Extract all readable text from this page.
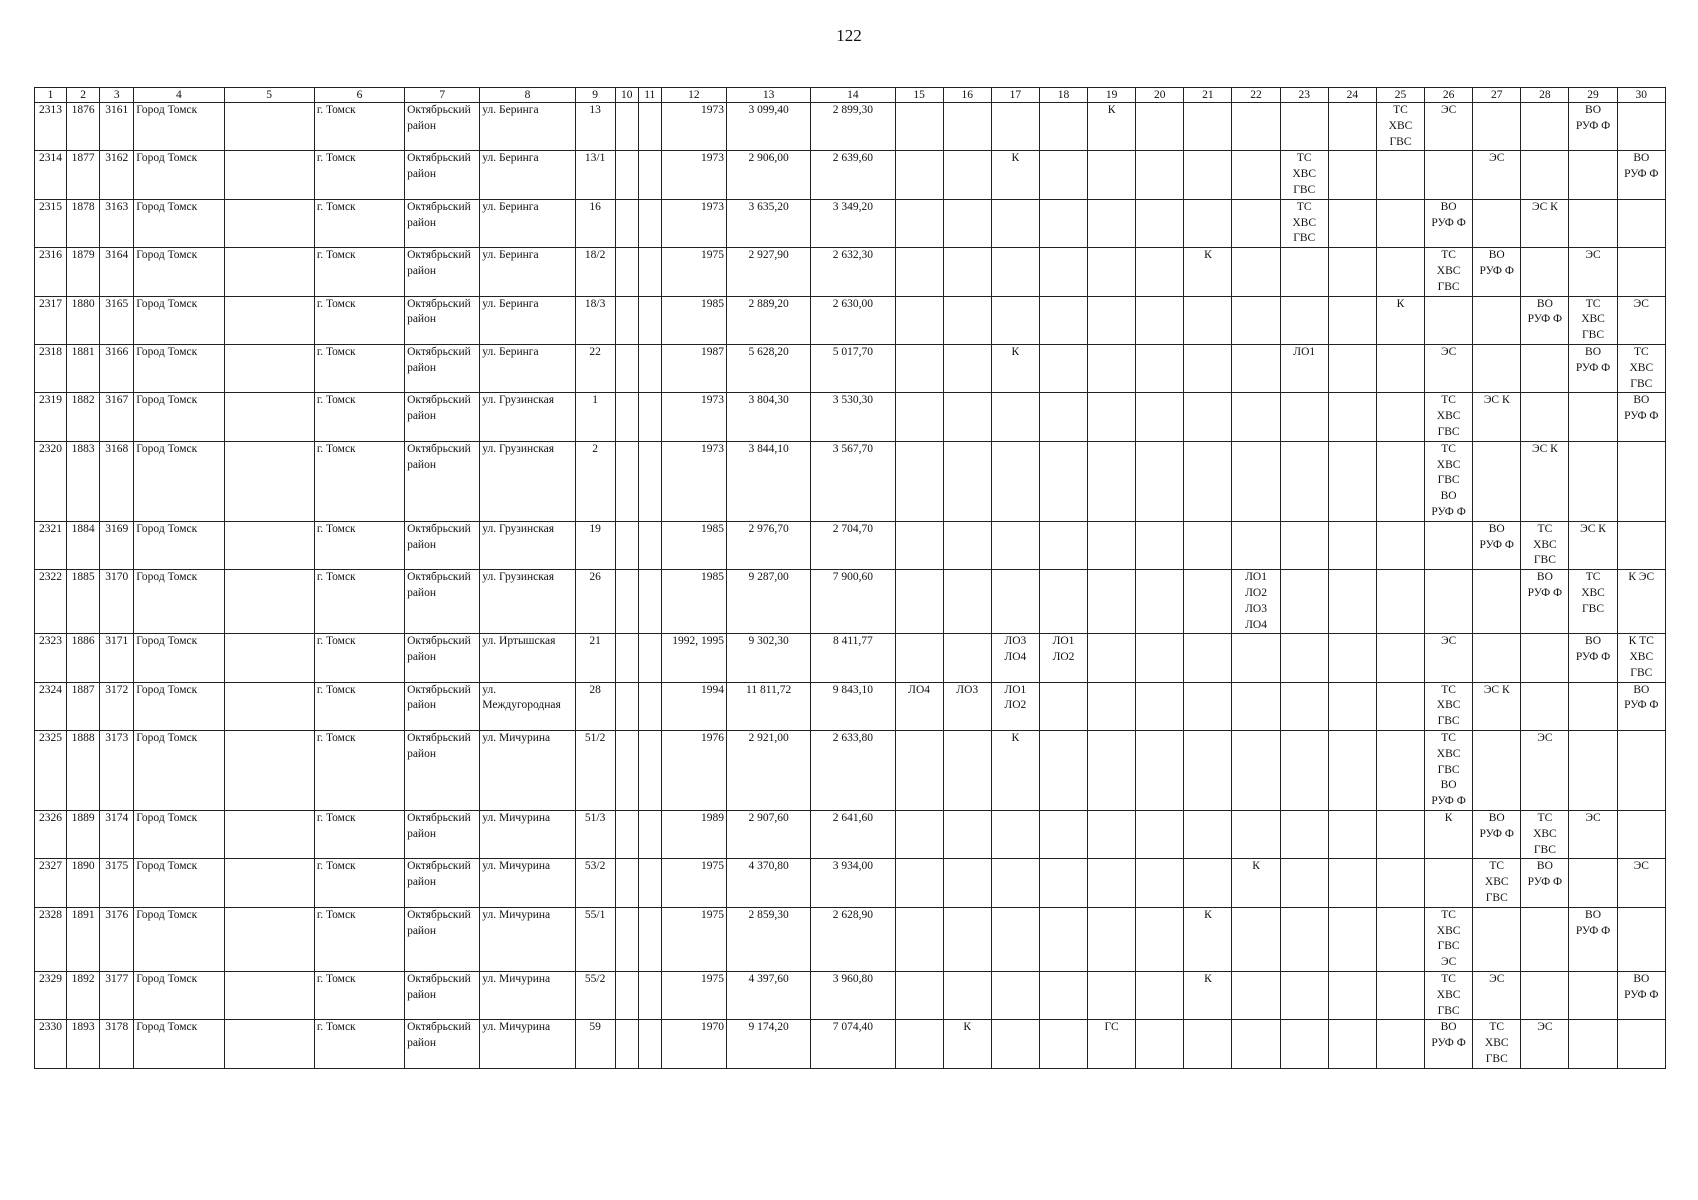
122
1	2	3	4	5	6	7	8	9	10	11	12	13	14	15	16	17	18	19	20	21	22	23	24	25	26	27	28	29	30
2313	1876	3161	Город Томск		г. Томск	Октябрьский район	ул. Беринга	13			1973	3 099,40	2 899,30					К						ТС
ХВС
ГВС	ЭС			ВО
РУФ Ф	
2314	1877	3162	Город Томск		г. Томск	Октябрьский район	ул. Беринга	13/1			1973	2 906,00	2 639,60			К						ТС
ХВС
ГВС				ЭС			ВО
РУФ Ф
2315	1878	3163	Город Томск		г. Томск	Октябрьский район	ул. Беринга	16			1973	3 635,20	3 349,20									ТС
ХВС
ГВС			ВО
РУФ Ф		ЭС К		
2316	1879	3164	Город Томск		г. Томск	Октябрьский район	ул. Беринга	18/2			1975	2 927,90	2 632,30							К					ТС
ХВС
ГВС	ВО
РУФ Ф		ЭС	
2317	1880	3165	Город Томск		г. Томск	Октябрьский район	ул. Беринга	18/3			1985	2 889,20	2 630,00											К			ВО
РУФ Ф	ТС
ХВС
ГВС	ЭС
2318	1881	3166	Город Томск		г. Томск	Октябрьский район	ул. Беринга	22			1987	5 628,20	5 017,70			К						ЛО1			ЭС			ВО
РУФ Ф	ТС
ХВС
ГВС
2319	1882	3167	Город Томск		г. Томск	Октябрьский район	ул. Грузинская	1			1973	3 804,30	3 530,30												ТС
ХВС
ГВС	ЭС К			ВО
РУФ Ф
2320	1883	3168	Город Томск		г. Томск	Октябрьский район	ул. Грузинская	2			1973	3 844,10	3 567,70												ТС
ХВС
ГВС
ВО
РУФ Ф		ЭС К		
2321	1884	3169	Город Томск		г. Томск	Октябрьский район	ул. Грузинская	19			1985	2 976,70	2 704,70													ВО
РУФ Ф	ТС
ХВС
ГВС	ЭС К	
2322	1885	3170	Город Томск		г. Томск	Октябрьский район	ул. Грузинская	26			1985	9 287,00	7 900,60								ЛО1
ЛО2
ЛО3
ЛО4						ВО
РУФ Ф	ТС
ХВС
ГВС	К ЭС
2323	1886	3171	Город Томск		г. Томск	Октябрьский район	ул. Иртышская	21			1992, 1995	9 302,30	8 411,77			ЛО3
ЛО4	ЛО1
ЛО2								ЭС			ВО
РУФ Ф	К ТС
ХВС
ГВС
2324	1887	3172	Город Томск		г. Томск	Октябрьский район	ул. Междугородная	28			1994	11 811,72	9 843,10	ЛО4	ЛО3	ЛО1
ЛО2									ТС
ХВС
ГВС	ЭС К			ВО
РУФ Ф
2325	1888	3173	Город Томск		г. Томск	Октябрьский район	ул. Мичурина	51/2			1976	2 921,00	2 633,80			К									ТС
ХВС
ГВС
ВО
РУФ Ф		ЭС		
2326	1889	3174	Город Томск		г. Томск	Октябрьский район	ул. Мичурина	51/3			1989	2 907,60	2 641,60												К	ВО
РУФ Ф	ТС
ХВС
ГВС	ЭС	
2327	1890	3175	Город Томск		г. Томск	Октябрьский район	ул. Мичурина	53/2			1975	4 370,80	3 934,00								К					ТС
ХВС
ГВС	ВО
РУФ Ф		ЭС
2328	1891	3176	Город Томск		г. Томск	Октябрьский район	ул. Мичурина	55/1			1975	2 859,30	2 628,90							К					ТС
ХВС
ГВС
ЭС			ВО
РУФ Ф	
2329	1892	3177	Город Томск		г. Томск	Октябрьский район	ул. Мичурина	55/2			1975	4 397,60	3 960,80							К					ТС
ХВС
ГВС	ЭС			ВО
РУФ Ф
2330	1893	3178	Город Томск		г. Томск	Октябрьский район	ул. Мичурина	59			1970	9 174,20	7 074,40		К			ГС							ВО
РУФ Ф	ТС
ХВС
ГВС	ЭС		
